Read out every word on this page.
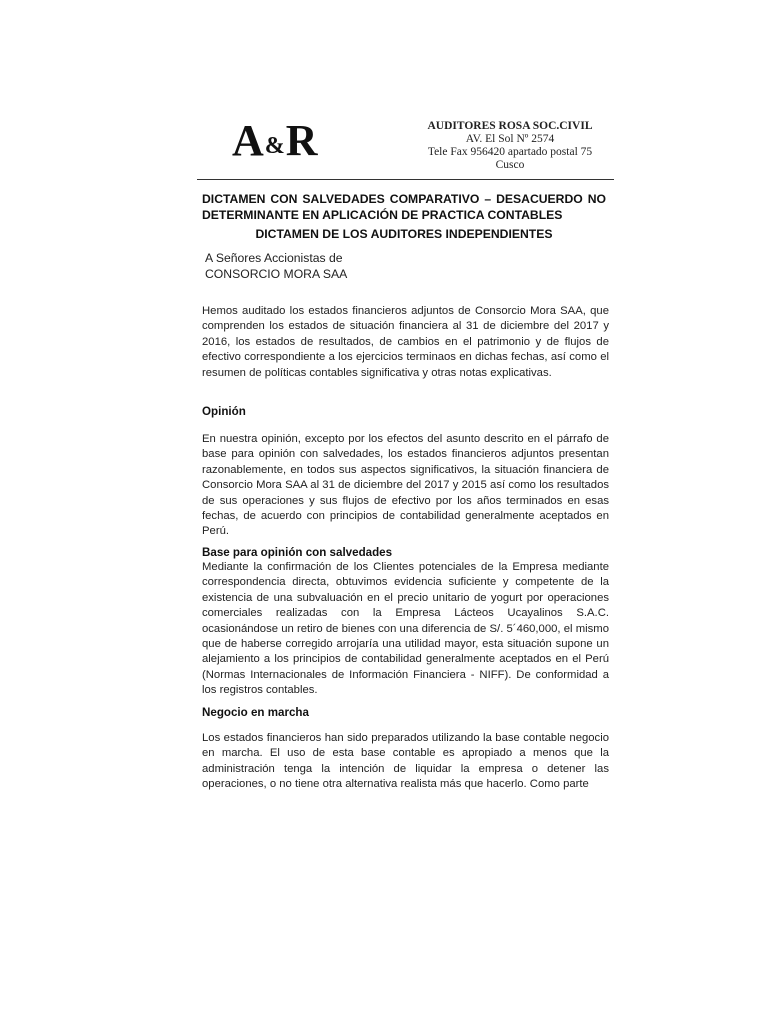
A&R	AUDITORES ROSA SOC.CIVIL
AV. El Sol Nº 2574
Tele Fax 956420 apartado postal 75
Cusco
DICTAMEN CON SALVEDADES COMPARATIVO – DESACUERDO NO DETERMINANTE EN APLICACIÓN DE PRACTICA CONTABLES
DICTAMEN DE LOS AUDITORES INDEPENDIENTES
A Señores Accionistas de
CONSORCIO MORA SAA
Hemos auditado los estados financieros adjuntos de Consorcio Mora SAA, que comprenden los estados de situación financiera al 31 de diciembre del 2017 y 2016, los estados de resultados, de cambios en el patrimonio y de flujos de efectivo correspondiente a los ejercicios terminaos en dichas fechas, así como el resumen de políticas contables significativa y otras notas explicativas.
Opinión
En nuestra opinión, excepto por los efectos del asunto descrito en el párrafo de base para opinión con salvedades, los estados financieros adjuntos presentan razonablemente, en todos sus aspectos significativos, la situación financiera de Consorcio Mora SAA al 31 de diciembre del 2017 y 2015 así como los resultados de sus operaciones y sus flujos de efectivo por los años terminados en esas fechas, de acuerdo con principios de contabilidad generalmente aceptados en Perú.
Base para opinión con salvedades
Mediante la confirmación de los Clientes potenciales de la Empresa mediante correspondencia directa, obtuvimos evidencia suficiente y competente de la existencia de una subvaluación en el precio unitario de yogurt por operaciones comerciales realizadas con la Empresa Lácteos Ucayalinos S.A.C. ocasionándose un retiro de bienes con una diferencia de S/. 5´460,000, el mismo que de haberse corregido arrojaría una utilidad mayor, esta situación supone un alejamiento a los principios de contabilidad generalmente aceptados en el Perú (Normas Internacionales de Información Financiera - NIFF). De conformidad a los registros contables.
Negocio en marcha
Los estados financieros han sido preparados utilizando la base contable negocio en marcha. El uso de esta base contable es apropiado a menos que la administración tenga la intención de liquidar la empresa o detener las operaciones, o no tiene otra alternativa realista más que hacerlo. Como parte
